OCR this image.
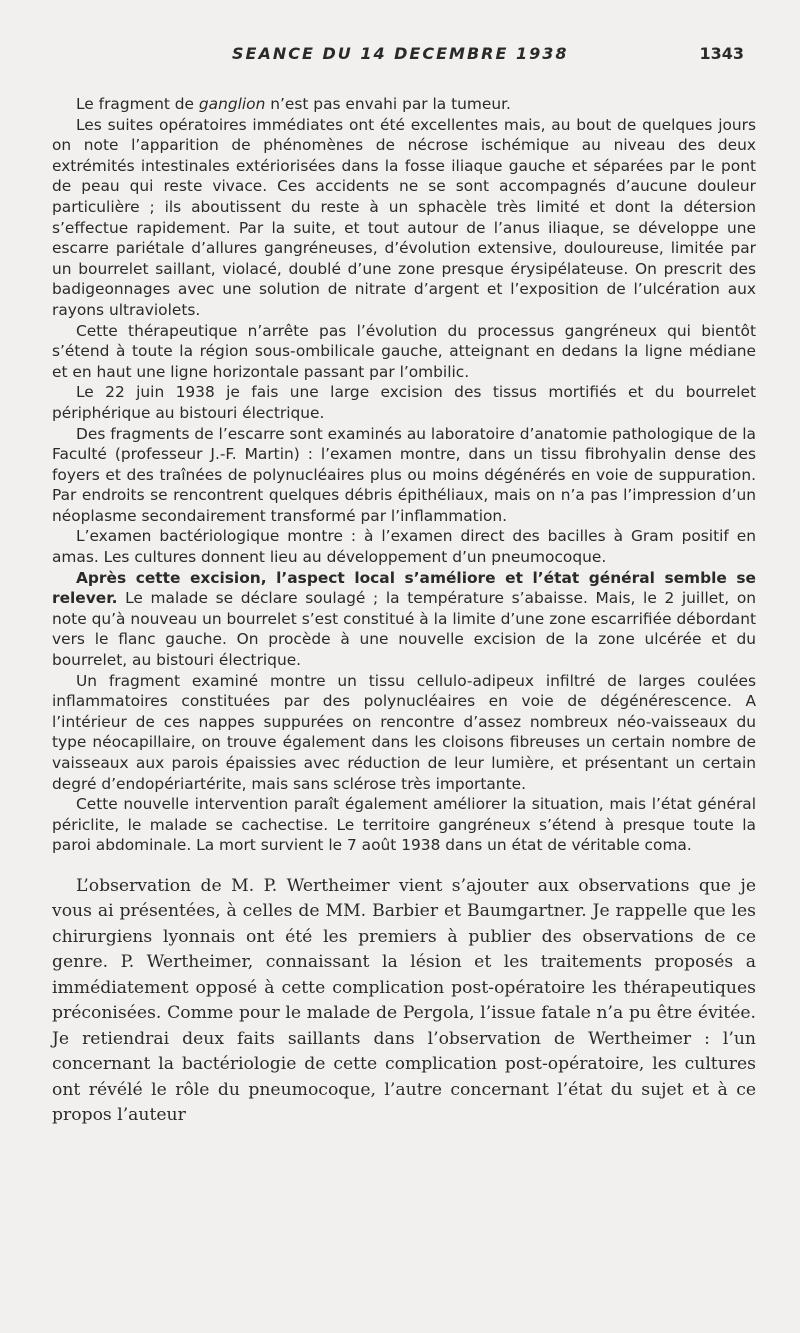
SEANCE DU 14 DECEMBRE 1938	1343

Le fragment de ganglion n’est pas envahi par la tumeur.

Les suites opératoires immédiates ont été excellentes mais, au bout de quelques jours on note l’apparition de phénomènes de nécrose ischémique au niveau des deux extrémités intestinales extériorisées dans la fosse iliaque gauche et séparées par le pont de peau qui reste vivace. Ces accidents ne se sont accompagnés d’aucune douleur particulière ; ils aboutissent du reste à un sphacèle très limité et dont la détersion s’effectue rapidement. Par la suite, et tout autour de l’anus iliaque, se développe une escarre pariétale d’allures gangréneuses, d’évolution extensive, douloureuse, limitée par un bourrelet saillant, violacé, doublé d’une zone presque érysipélateuse. On prescrit des badigeonnages avec une solution de nitrate d’argent et l’exposition de l’ulcération aux rayons ultraviolets.

Cette thérapeutique n’arrête pas l’évolution du processus gangréneux qui bientôt s’étend à toute la région sous-ombilicale gauche, atteignant en dedans la ligne médiane et en haut une ligne horizontale passant par l’ombilic.

Le 22 juin 1938 je fais une large excision des tissus mortifiés et du bourrelet périphérique au bistouri électrique.

Des fragments de l’escarre sont examinés au laboratoire d’anatomie pathologique de la Faculté (professeur J.-F. Martin) : l’examen montre, dans un tissu fibrohyalin dense des foyers et des traînées de polynucléaires plus ou moins dégénérés en voie de suppuration. Par endroits se rencontrent quelques débris épithéliaux, mais on n’a pas l’impression d’un néoplasme secondairement transformé par l’inflammation.

L’examen bactériologique montre : à l’examen direct des bacilles à Gram positif en amas. Les cultures donnent lieu au développement d’un pneumocoque.

Après cette excision, l’aspect local s’améliore et l’état général semble se relever. Le malade se déclare soulagé ; la température s’abaisse. Mais, le 2 juillet, on note qu’à nouveau un bourrelet s’est constitué à la limite d’une zone escarrifiée débordant vers le flanc gauche. On procède à une nouvelle excision de la zone ulcérée et du bourrelet, au bistouri électrique.

Un fragment examiné montre un tissu cellulo-adipeux infiltré de larges coulées inflammatoires constituées par des polynucléaires en voie de dégénérescence. A l’intérieur de ces nappes suppurées on rencontre d’assez nombreux néo-vaisseaux du type néocapillaire, on trouve également dans les cloisons fibreuses un certain nombre de vaisseaux aux parois épaissies avec réduction de leur lumière, et présentant un certain degré d’endopériartérite, mais sans sclérose très importante.

Cette nouvelle intervention paraît également améliorer la situation, mais l’état général périclite, le malade se cachectise. Le territoire gangréneux s’étend à presque toute la paroi abdominale. La mort survient le 7 août 1938 dans un état de véritable coma.

L’observation de M. P. Wertheimer vient s’ajouter aux observations que je vous ai présentées, à celles de MM. Barbier et Baumgartner. Je rappelle que les chirurgiens lyonnais ont été les premiers à publier des observations de ce genre. P. Wertheimer, connaissant la lésion et les traitements proposés a immédiatement opposé à cette complication post-opératoire les thérapeutiques préconisées. Comme pour le malade de Pergola, l’issue fatale n’a pu être évitée. Je retiendrai deux faits saillants dans l’observation de Wertheimer : l’un concernant la bactériologie de cette complication post-opératoire, les cultures ont révélé le rôle du pneumocoque, l’autre concernant l’état du sujet et à ce propos l’auteur
